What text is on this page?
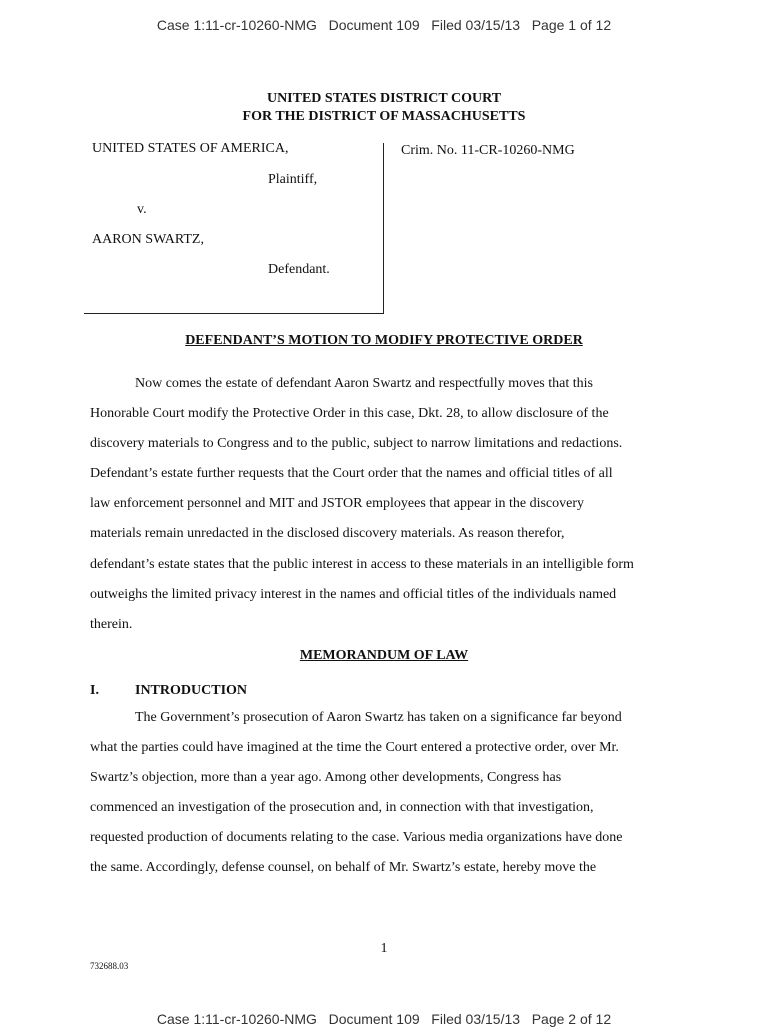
Case 1:11-cr-10260-NMG   Document 109   Filed 03/15/13   Page 1 of 12
UNITED STATES DISTRICT COURT
FOR THE DISTRICT OF MASSACHUSETTS
UNITED STATES OF AMERICA,
Plaintiff,
v.
AARON SWARTZ,
Defendant.
Crim. No. 11-CR-10260-NMG
DEFENDANT’S MOTION TO MODIFY PROTECTIVE ORDER
Now comes the estate of defendant Aaron Swartz and respectfully moves that this
Honorable Court modify the Protective Order in this case, Dkt. 28, to allow disclosure of the
discovery materials to Congress and to the public, subject to narrow limitations and redactions.
Defendant’s estate further requests that the Court order that the names and official titles of all
law enforcement personnel and MIT and JSTOR employees that appear in the discovery
materials remain unredacted in the disclosed discovery materials. As reason therefor,
defendant’s estate states that the public interest in access to these materials in an intelligible form
outweighs the limited privacy interest in the names and official titles of the individuals named
therein.
MEMORANDUM OF LAW
I.	INTRODUCTION
The Government’s prosecution of Aaron Swartz has taken on a significance far beyond
what the parties could have imagined at the time the Court entered a protective order, over Mr.
Swartz’s objection, more than a year ago. Among other developments, Congress has
commenced an investigation of the prosecution and, in connection with that investigation,
requested production of documents relating to the case. Various media organizations have done
the same. Accordingly, defense counsel, on behalf of Mr. Swartz’s estate, hereby move the
1
732688.03
Case 1:11-cr-10260-NMG   Document 109   Filed 03/15/13   Page 2 of 12
